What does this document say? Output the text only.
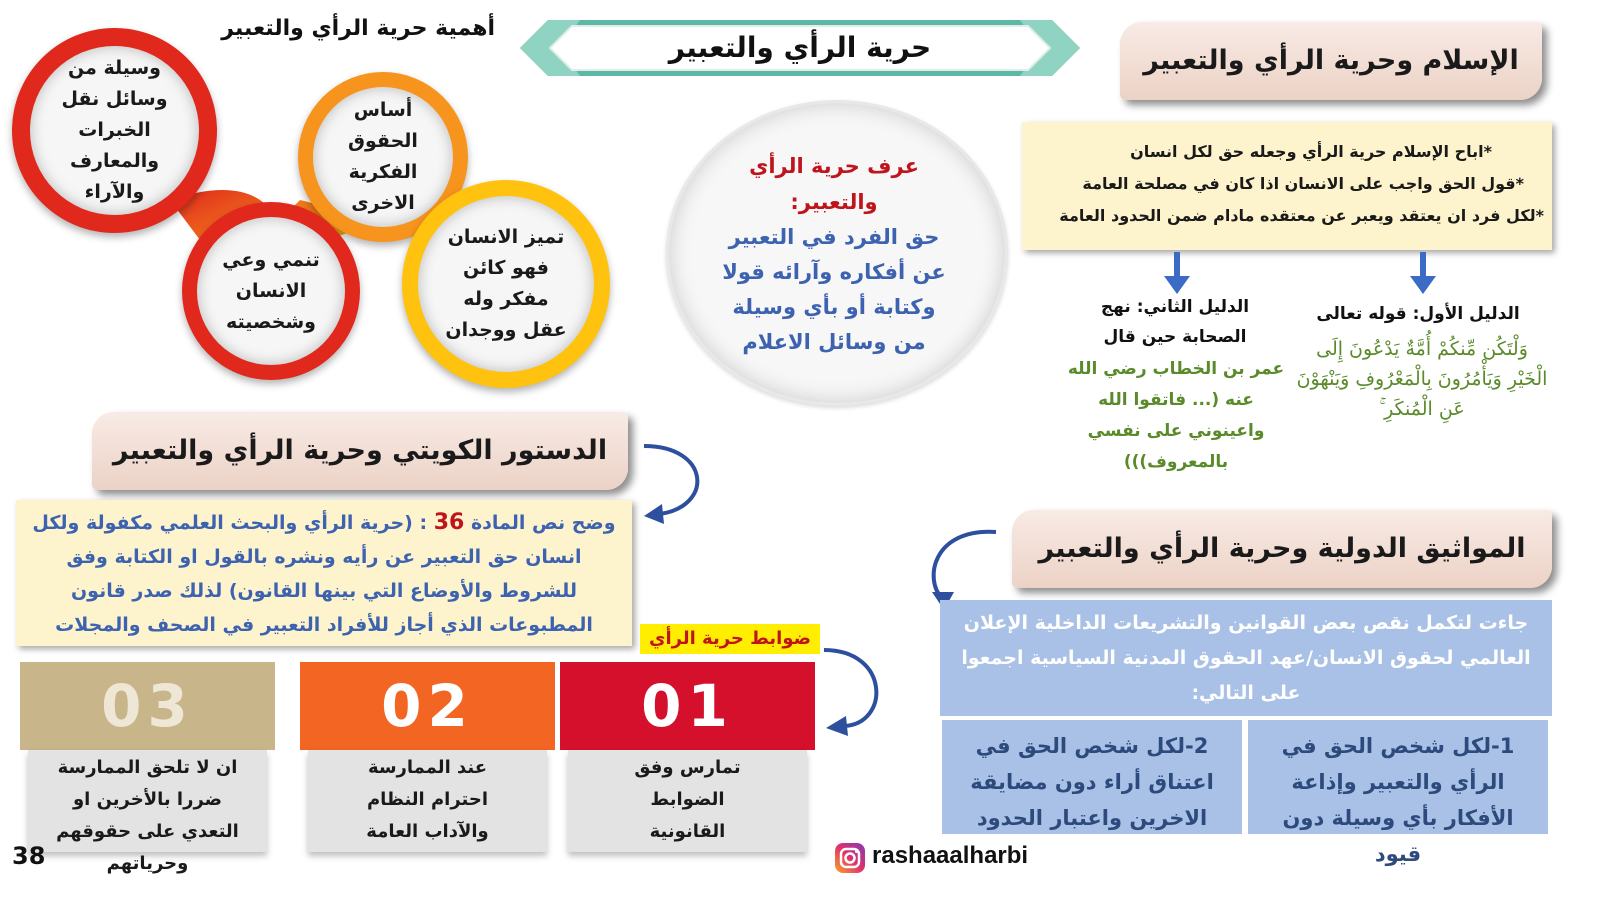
حرية الرأي والتعبير
أهمية حرية الرأي والتعبير
وسيلة من وسائل نقل الخبرات والمعارف والآراء
أساس الحقوق الفكرية الاخرى
تنمي وعي الانسان وشخصيته
تميز الانسان فهو كائن مفكر وله عقل ووجدان
عرف حرية الرأي والتعبير:
حق الفرد في التعبير عن أفكاره وآرائه قولا وكتابة أو بأي وسيلة من وسائل الاعلام
الإسلام وحرية الرأي والتعبير
*اباح الإسلام حرية الرأي وجعله حق لكل انسان
*قول الحق واجب على الانسان اذا كان في مصلحة العامة
*لكل فرد ان يعتقد ويعبر عن معتقده مادام ضمن الحدود العامة
الدليل الأول: قوله تعالى
وَلْتَكُن مِّنكُمْ أُمَّةٌ يَدْعُونَ إِلَى الْخَيْرِ وَيَأْمُرُونَ بِالْمَعْرُوفِ وَيَنْهَوْنَ عَنِ الْمُنكَرِ ۚ
الدليل الثاني: نهج الصحابة حين قال
عمر بن الخطاب رضي الله عنه (... فاتقوا الله واعينوني على نفسي بالمعروف)))
الدستور الكويتي وحرية الرأي والتعبير
وضح نص المادة 36 : (حرية الرأي والبحث العلمي مكفولة ولكل انسان حق التعبير عن رأيه ونشره بالقول او الكتابة وفق للشروط والأوضاع التي بينها القانون) لذلك صدر قانون المطبوعات الذي أجاز للأفراد التعبير في الصحف والمجلات
ضوابط حرية الرأي
01
تمارس وفق الضوابط القانونية
02
عند الممارسة احترام النظام والآداب العامة
03
ان لا تلحق الممارسة ضررا بالأخرين او التعدي على حقوقهم وحرياتهم
المواثيق الدولية وحرية الرأي والتعبير
جاءت لتكمل نقص بعض القوانين والتشريعات الداخلية الإعلان العالمي لحقوق الانسان/عهد الحقوق المدنية السياسية اجمعوا على التالي:
1-لكل شخص الحق في الرأي والتعبير وإذاعة الأفكار بأي وسيلة دون قيود
2-لكل شخص الحق في اعتناق أراء دون مضايقة الاخرين واعتبار الحدود
38	rashaaalharbi
